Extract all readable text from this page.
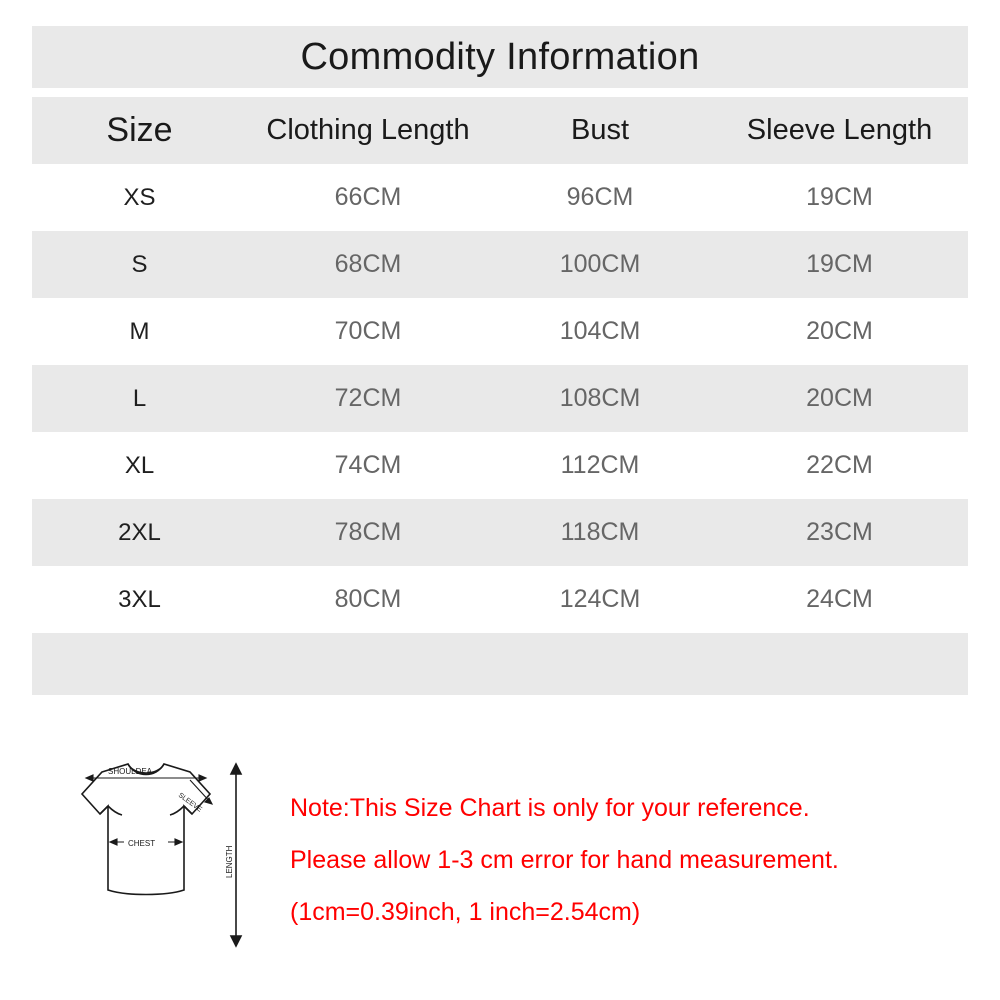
Commodity Information
Size	Clothing Length	Bust	Sleeve Length
XS	66CM	96CM	19CM
S	68CM	100CM	19CM
M	70CM	104CM	20CM
L	72CM	108CM	20CM
XL	74CM	112CM	22CM
2XL	78CM	118CM	23CM
3XL	80CM	124CM	24CM
SHOULDEA
SLEEVE
CHEST
LENGTH
Note:This Size Chart is only for your reference.
Please allow 1-3 cm error for hand measurement.
(1cm=0.39inch, 1 inch=2.54cm)
